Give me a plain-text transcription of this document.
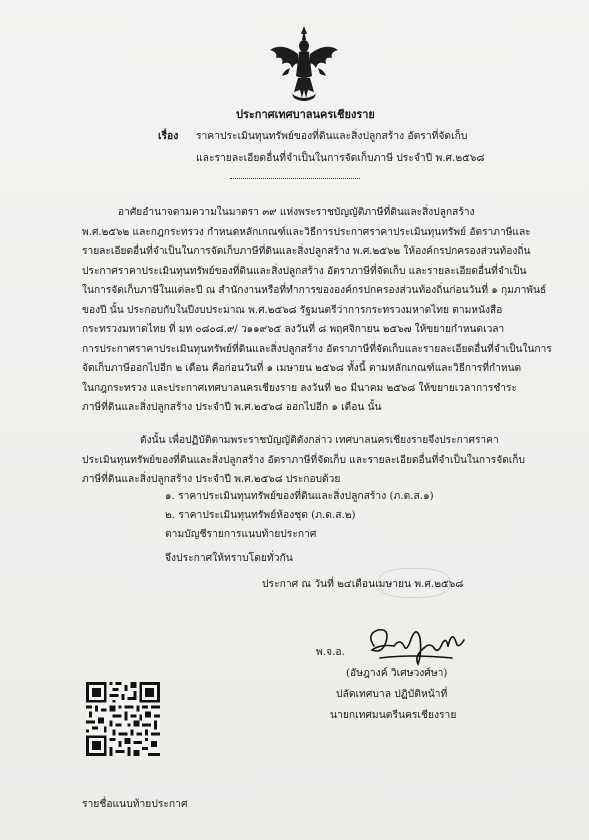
ประกาศเทศบาลนครเชียงราย
เรื่อง ราคาประเมินทุนทรัพย์ของที่ดินและสิ่งปลูกสร้าง อัตราที่จัดเก็บ
และรายละเอียดอื่นที่จำเป็นในการจัดเก็บภาษี ประจำปี พ.ศ.๒๕๖๘
อาศัยอำนาจตามความในมาตรา ๓๙ แห่งพระราชบัญญัติภาษีที่ดินและสิ่งปลูกสร้าง
พ.ศ.๒๕๖๒ และกฎกระทรวง กำหนดหลักเกณฑ์และวิธีการประกาศราคาประเมินทุนทรัพย์ อัตราภาษีและ
รายละเอียดอื่นที่จำเป็นในการจัดเก็บภาษีที่ดินและสิ่งปลูกสร้าง พ.ศ.๒๕๖๒ ให้องค์กรปกครองส่วนท้องถิ่น
ประกาศราคาประเมินทุนทรัพย์ของที่ดินและสิ่งปลูกสร้าง อัตราภาษีที่จัดเก็บ และรายละเอียดอื่นที่จำเป็น
ในการจัดเก็บภาษีในแต่ละปี ณ สำนักงานหรือที่ทำการขององค์กรปกครองส่วนท้องถิ่นก่อนวันที่ ๑ กุมภาพันธ์
ของปี นั้น ประกอบกับในปีงบประมาณ พ.ศ.๒๕๖๘ รัฐมนตรีว่าการกระทรวงมหาดไทย ตามหนังสือ
กระทรวงมหาดไทย ที่ มท ๐๘๐๘.๙/ ว๑๑๙๖๕ ลงวันที่ ๘ พฤศจิกายน ๒๕๖๗ ให้ขยายกำหนดเวลา
การประกาศราคาประเมินทุนทรัพย์ที่ดินและสิ่งปลูกสร้าง อัตราภาษีที่จัดเก็บและรายละเอียดอื่นที่จำเป็นในการ
จัดเก็บภาษีออกไปอีก ๒ เดือน คือก่อนวันที่ ๑ เมษายน ๒๕๖๘ ทั้งนี้ ตามหลักเกณฑ์และวิธีการที่กำหนด
ในกฎกระทรวง และประกาศเทศบาลนครเชียงราย ลงวันที่ ๒๐ มีนาคม ๒๕๖๘ ให้ขยายเวลาการชำระ
ภาษีที่ดินและสิ่งปลูกสร้าง ประจำปี พ.ศ.๒๕๖๘ ออกไปอีก ๑ เดือน นั้น
ดังนั้น เพื่อปฏิบัติตามพระราชบัญญัติดังกล่าว เทศบาลนครเชียงรายจึงประกาศราคา
ประเมินทุนทรัพย์ของที่ดินและสิ่งปลูกสร้าง อัตราภาษีที่จัดเก็บ และรายละเอียดอื่นที่จำเป็นในการจัดเก็บ
ภาษีที่ดินและสิ่งปลูกสร้าง ประจำปี พ.ศ.๒๕๖๘ ประกอบด้วย
๑. ราคาประเมินทุนทรัพย์ของที่ดินและสิ่งปลูกสร้าง (ภ.ด.ส.๑)
๒. ราคาประเมินทุนทรัพย์ห้องชุด (ภ.ด.ส.๒)
ตามบัญชีรายการแนบท้ายประกาศ
จึงประกาศให้ทราบโดยทั่วกัน
ประกาศ ณ วันที่ ๒๔เดือนเมษายน พ.ศ.๒๕๖๘
พ.จ.อ.
(อัษฎางค์ วิเศษวงศ์ษา)
ปลัดเทศบาล ปฏิบัติหน้าที่
นายกเทศมนตรีนครเชียงราย
รายชื่อแนบท้ายประกาศ
